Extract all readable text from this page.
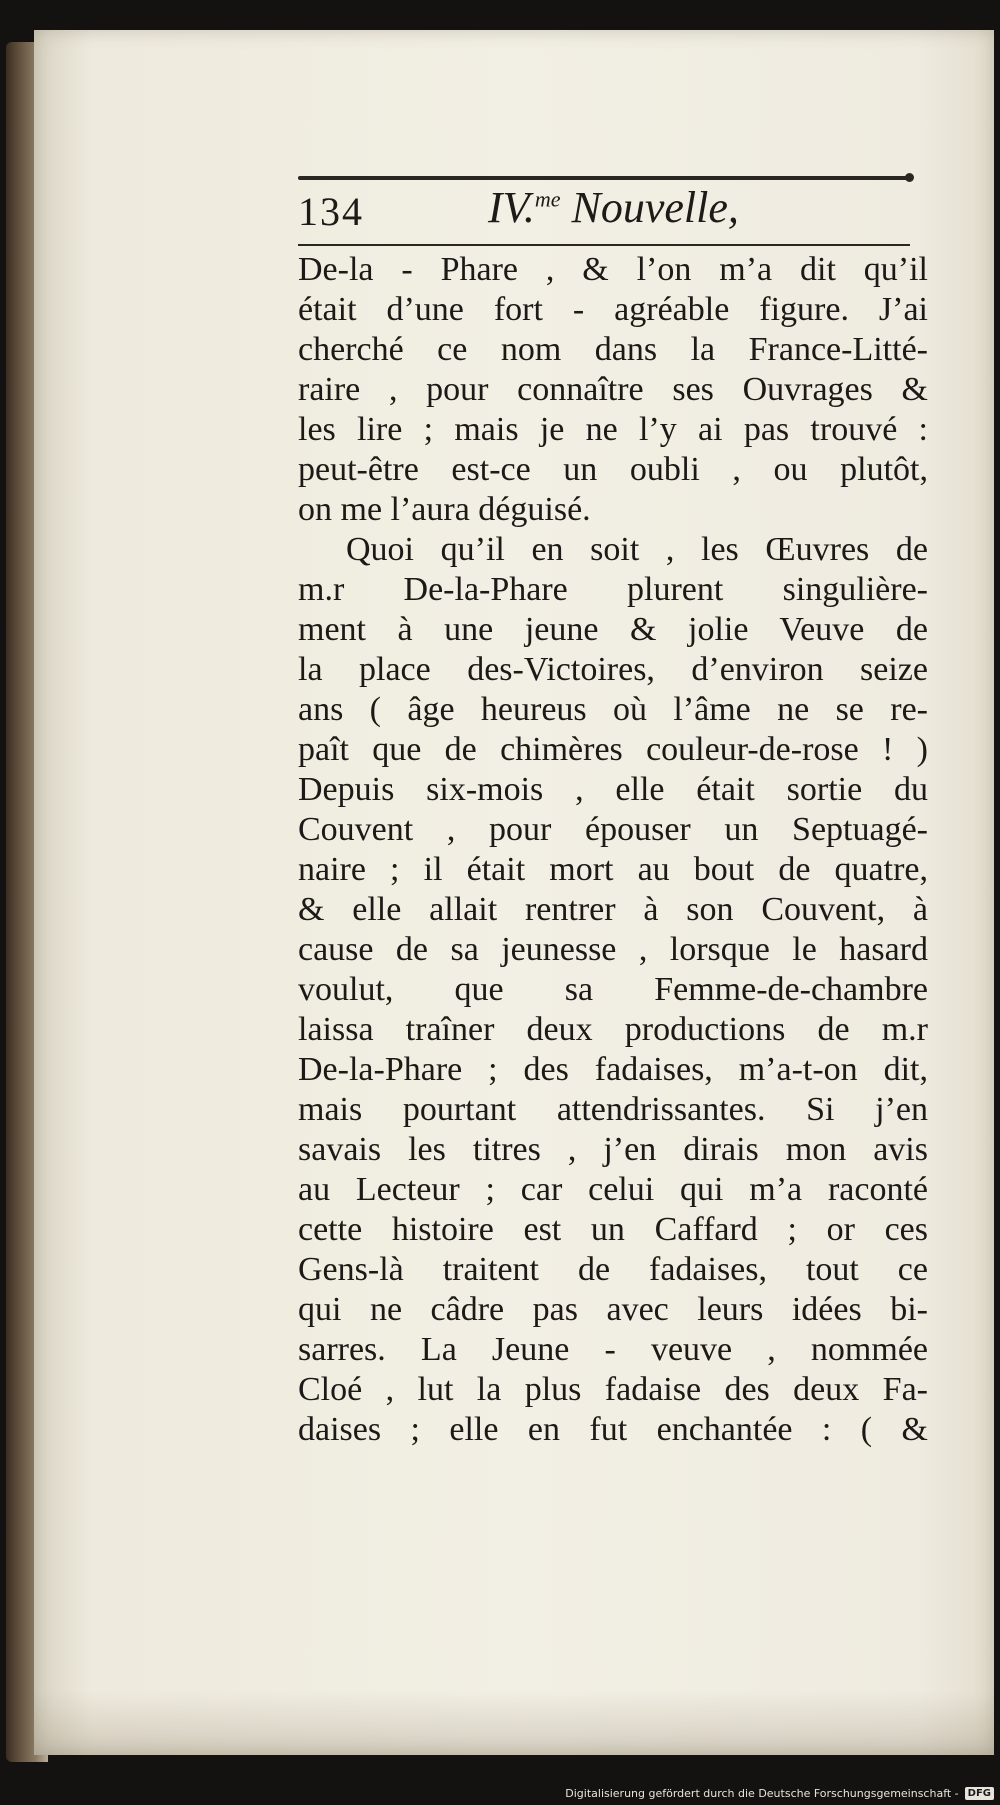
134	IV.$^{me}$ Nouvelle,
De-la - Phare , & l’on m’a dit qu’il
était d’une fort - agréable figure. J’ai
cherché ce nom dans la France-Litté-
raire , pour connaître ses Ouvrages &
les lire ; mais je ne l’y ai pas trouvé :
peut-être est-ce un oubli , ou plutôt,
on me l’aura déguisé.
Quoi qu’il en soit , les Œuvres de
m.r De-la-Phare plurent singulière-
ment à une jeune & jolie Veuve de
la place des-Victoires, d’environ seize
ans ( âge heureus où l’âme ne se re-
paît que de chimères couleur-de-rose ! )
Depuis six-mois , elle était sortie du
Couvent , pour épouser un Septuagé-
naire ; il était mort au bout de quatre,
& elle allait rentrer à son Couvent, à
cause de sa jeunesse , lorsque le hasard
voulut, que sa Femme-de-chambre
laissa traîner deux productions de m.r
De-la-Phare ; des fadaises, m’a-t-on dit,
mais pourtant attendrissantes. Si j’en
savais les titres , j’en dirais mon avis
au Lecteur ; car celui qui m’a raconté
cette histoire est un Caffard ; or ces
Gens-là traitent de fadaises, tout ce
qui ne câdre pas avec leurs idées bi-
sarres. La Jeune - veuve , nommée
Cloé , lut la plus fadaise des deux Fa-
daises ; elle en fut enchantée : ( &
Digitalisierung gefördert durch die Deutsche Forschungsgemeinschaft - DFG
